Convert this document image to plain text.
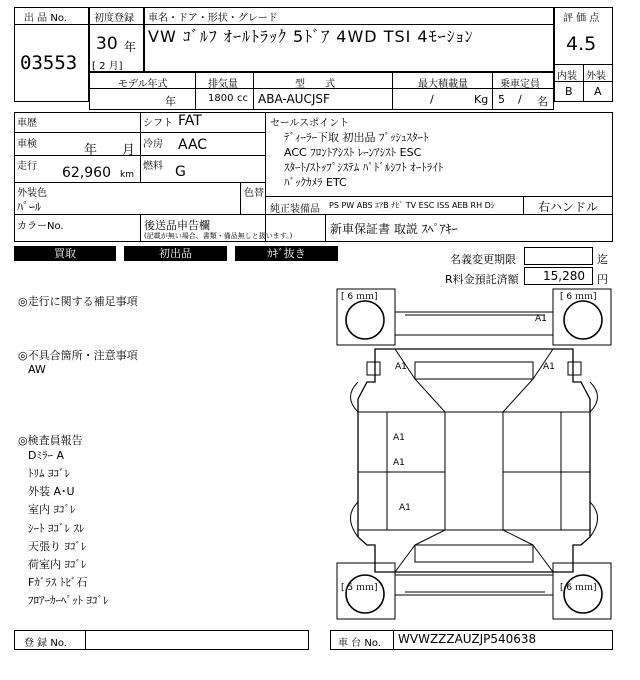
出 品 No.
03553
初度登録
30 年
[ 2 月]
車名・ドア・形状・グレード
VW ｺﾞﾙﾌ ｵｰﾙﾄﾗｯｸ 5ﾄﾞｱ 4WD TSI 4ﾓｰｼｮﾝ
評 価 点
4.5
内装 外装
B A
モデル年式
年
排気量
1800 cc
型　　式
ABA-AUCJSF
最大積載量
/	Kg
乗車定員
5 / 名
車歴
車検	年 月
走行 62,960 km
シフト FAT
冷房 AAC
燃料 G
セールスポイント
ﾃﾞｨｰﾗｰ下取 初出品 ﾌﾟｯｼｭｽﾀｰﾄ
ACC ﾌﾛﾝﾄｱｼｽﾄ ﾚｰﾝｱｼｽﾄ ESC
ｽﾀｰﾄ/ｽﾄｯﾌﾟｼｽﾃﾑ ﾊﾟﾄﾞﾙｼﾌﾄ ｵｰﾄﾗｲﾄ
ﾊﾞｯｸｶﾒﾗ ETC
外装色
ﾊﾟｰﾙ
色替
純正装備品 PS PW ABS ｴｱB ﾅﾋﾞ TV ESC ISS AEB RH Dｼ	右ハンドル
カラーNo.	後送品申告欄
(記載が無い場合、書類・備品無しと扱います。)	新車保証書 取説 ｽﾍﾟｱｷｰ
買取	初出品	ｶｷﾞ抜き	名義変更期限	迄
R料金預託済額 15,280 円
◎走行に関する補足事項
◎不具合箇所・注意事項
AW
◎検査員報告
Dﾐﾗｰ A
ﾄﾘﾑ ﾖｺﾞﾚ
外装 A･U
室内 ﾖｺﾞﾚ
ｼｰﾄ ﾖｺﾞﾚ ｽﾚ
天張り ﾖｺﾞﾚ
荷室内 ﾖｺﾞﾚ
Fｶﾞﾗｽ ﾄﾋﾞ石
ﾌﾛｱｰｶｰﾍﾟｯﾄ ﾖｺﾞﾚ
[ 6 ｍｍ]	[ 6 ｍｍ]
[ 5 ｍｍ]	[ 6 ｍｍ]
A1
A1	A1
A1
A1
A1
登 録 No.	車 台 No. WVWZZZAUZJP540638
